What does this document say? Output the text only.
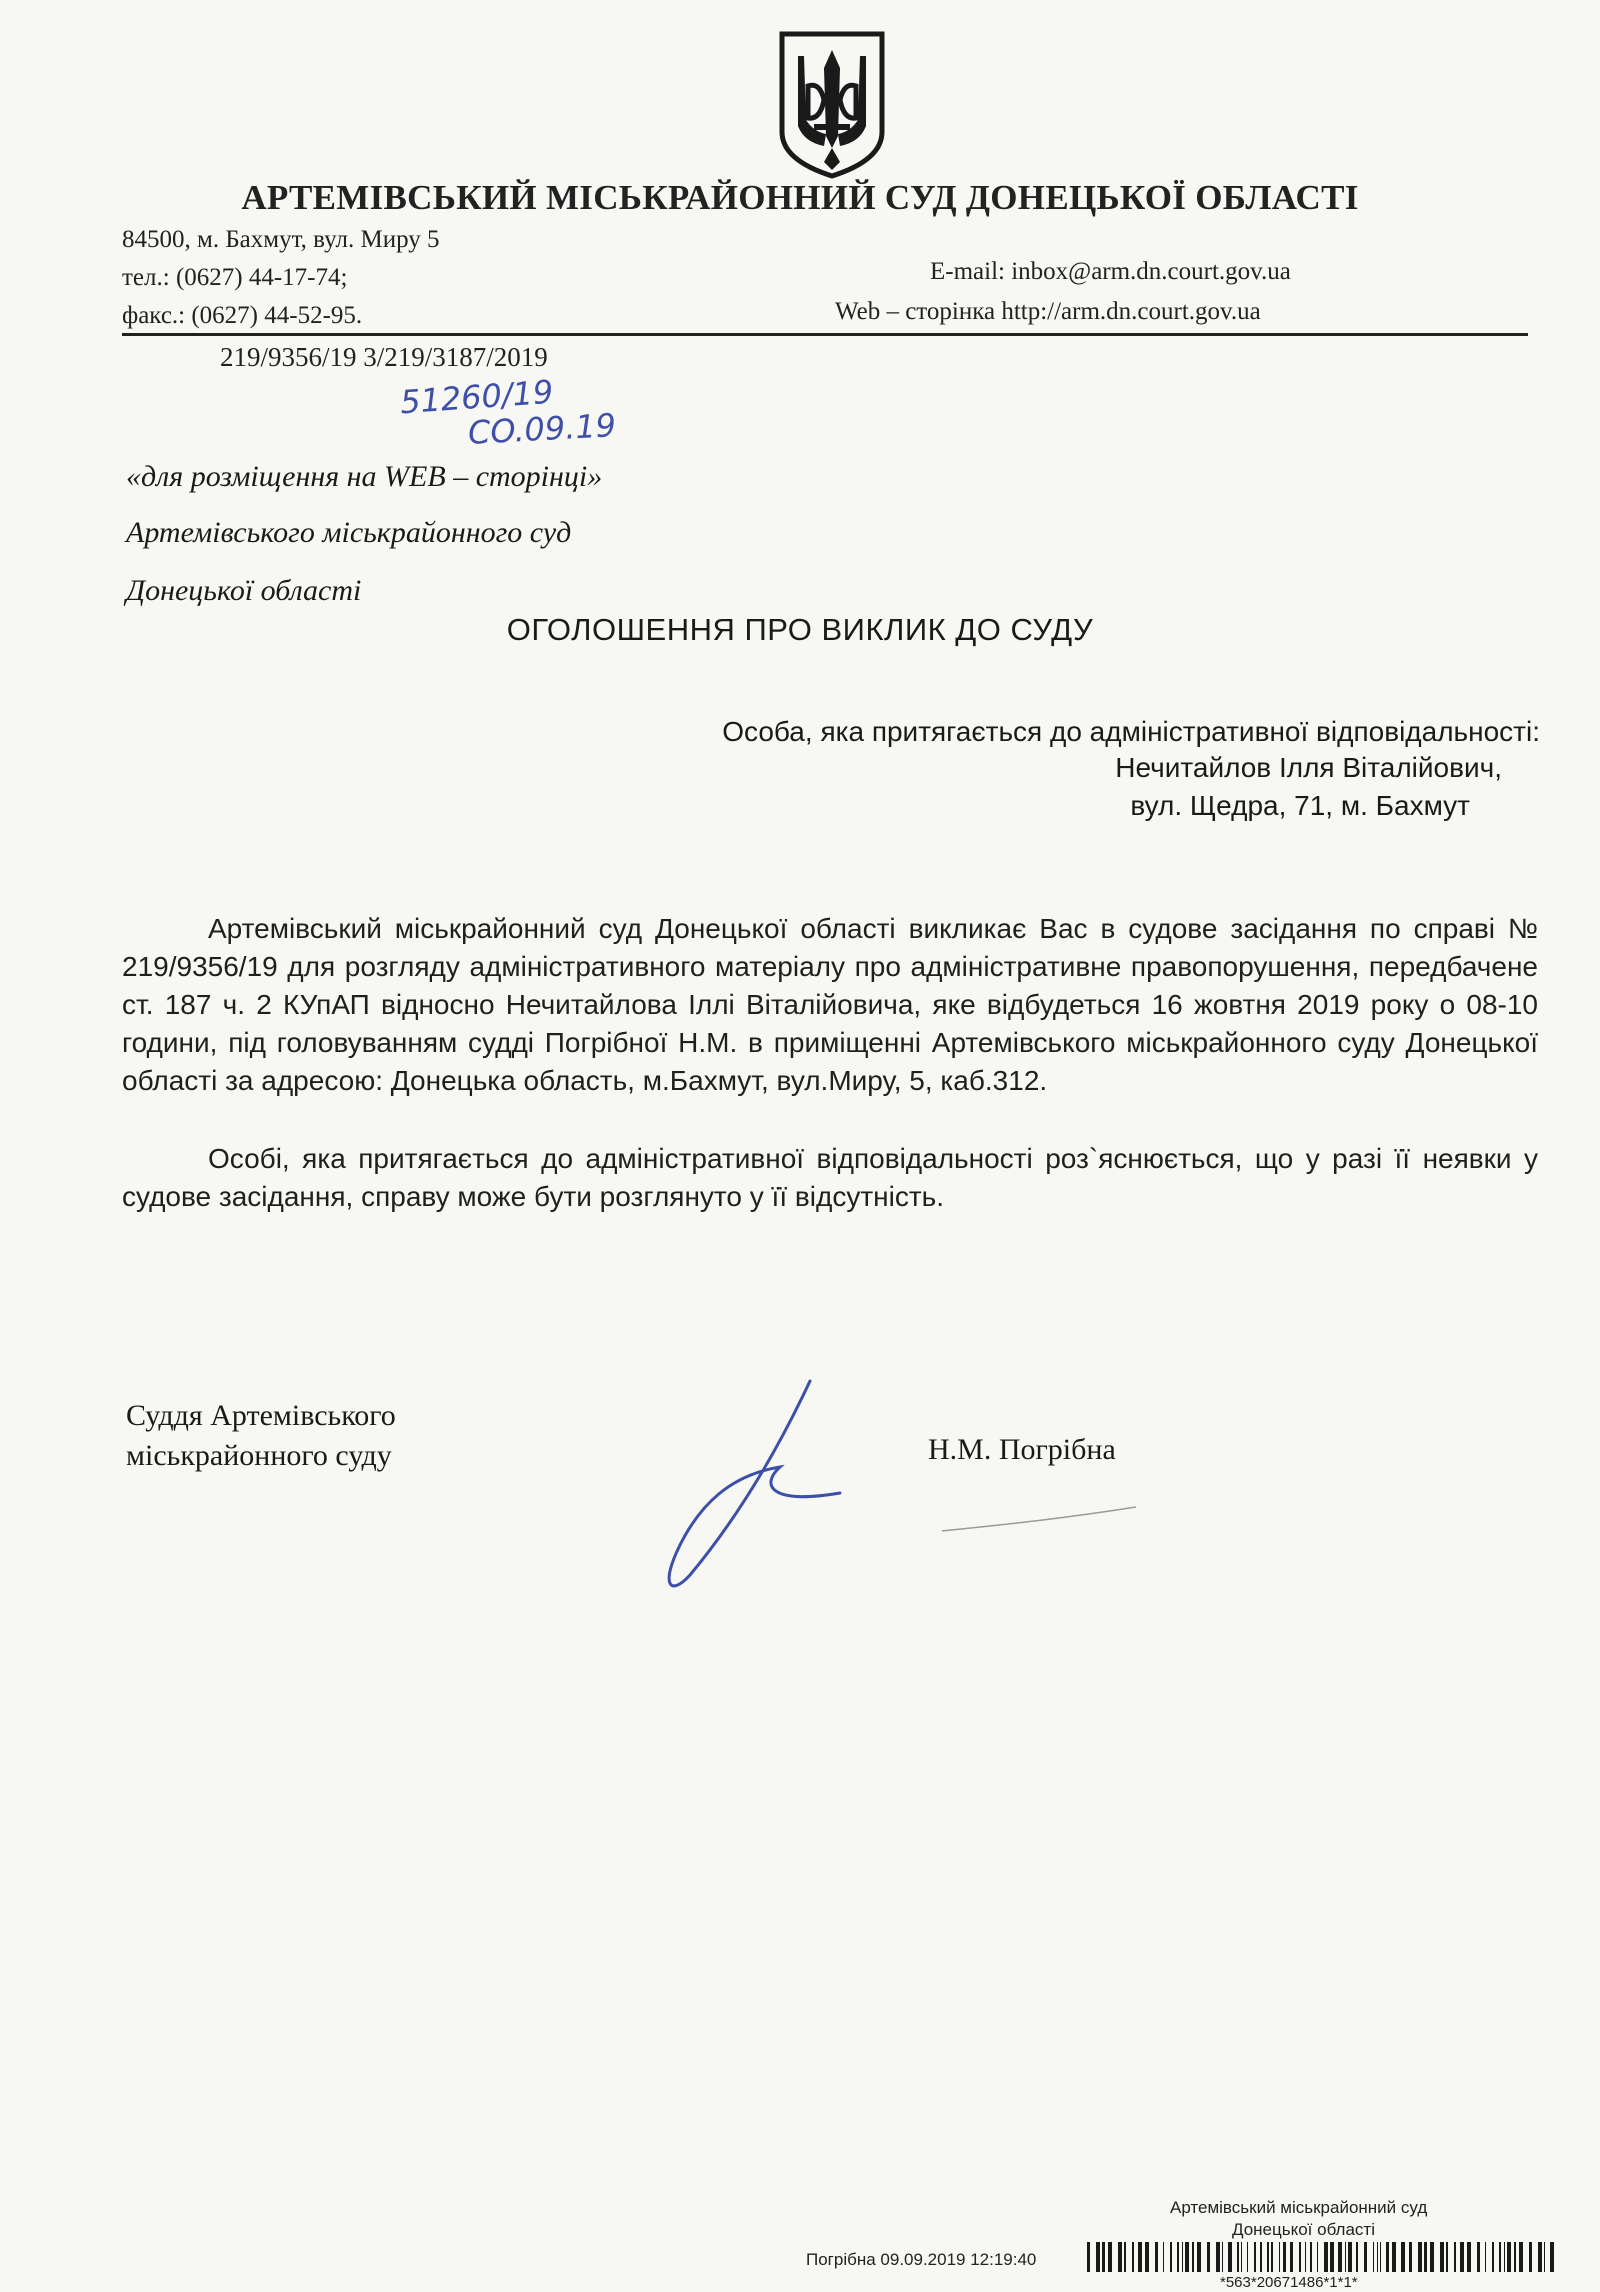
АРТЕМІВСЬКИЙ МІСЬКРАЙОННИЙ СУД ДОНЕЦЬКОЇ ОБЛАСТІ
84500, м. Бахмут, вул. Миру 5
тел.: (0627) 44-17-74;
факс.: (0627) 44-52-95.
E-mail: inbox@arm.dn.court.gov.ua
Web – сторінка http://arm.dn.court.gov.ua
219/9356/19 3/219/3187/2019
51260/19
CO.09.19
«для розміщення на WEB – сторінці»
Артемівського міськрайонного суд
Донецької області
ОГОЛОШЕННЯ ПРО ВИКЛИК ДО СУДУ
Особа, яка притягається до адміністративної відповідальності:
Нечитайлов Ілля Віталійович,
вул. Щедра, 71, м. Бахмут

Артемівський міськрайонний суд Донецької області викликає Вас в судове засідання по справі № 219/9356/19 для розгляду адміністративного матеріалу про адміністративне правопорушення, передбачене ст. 187 ч. 2 КУпАП відносно Нечитайлова Іллі Віталійовича, яке відбудеться 16 жовтня 2019 року о 08-10 години, під головуванням судді Погрібної Н.М. в приміщенні Артемівського міськрайонного суду Донецької області за адресою: Донецька область, м.Бахмут, вул.Миру, 5, каб.312.

Особі, яка притягається до адміністративної відповідальності роз`яснюється, що у разі її неявки у судове засідання, справу може бути розглянуто у її відсутність.

Суддя Артемівського
міськрайонного суду	Н.М. Погрібна
Артемівський міськрайонний суд
Донецької області
Погрібна 09.09.2019 12:19:40
*563*20671486*1*1*
